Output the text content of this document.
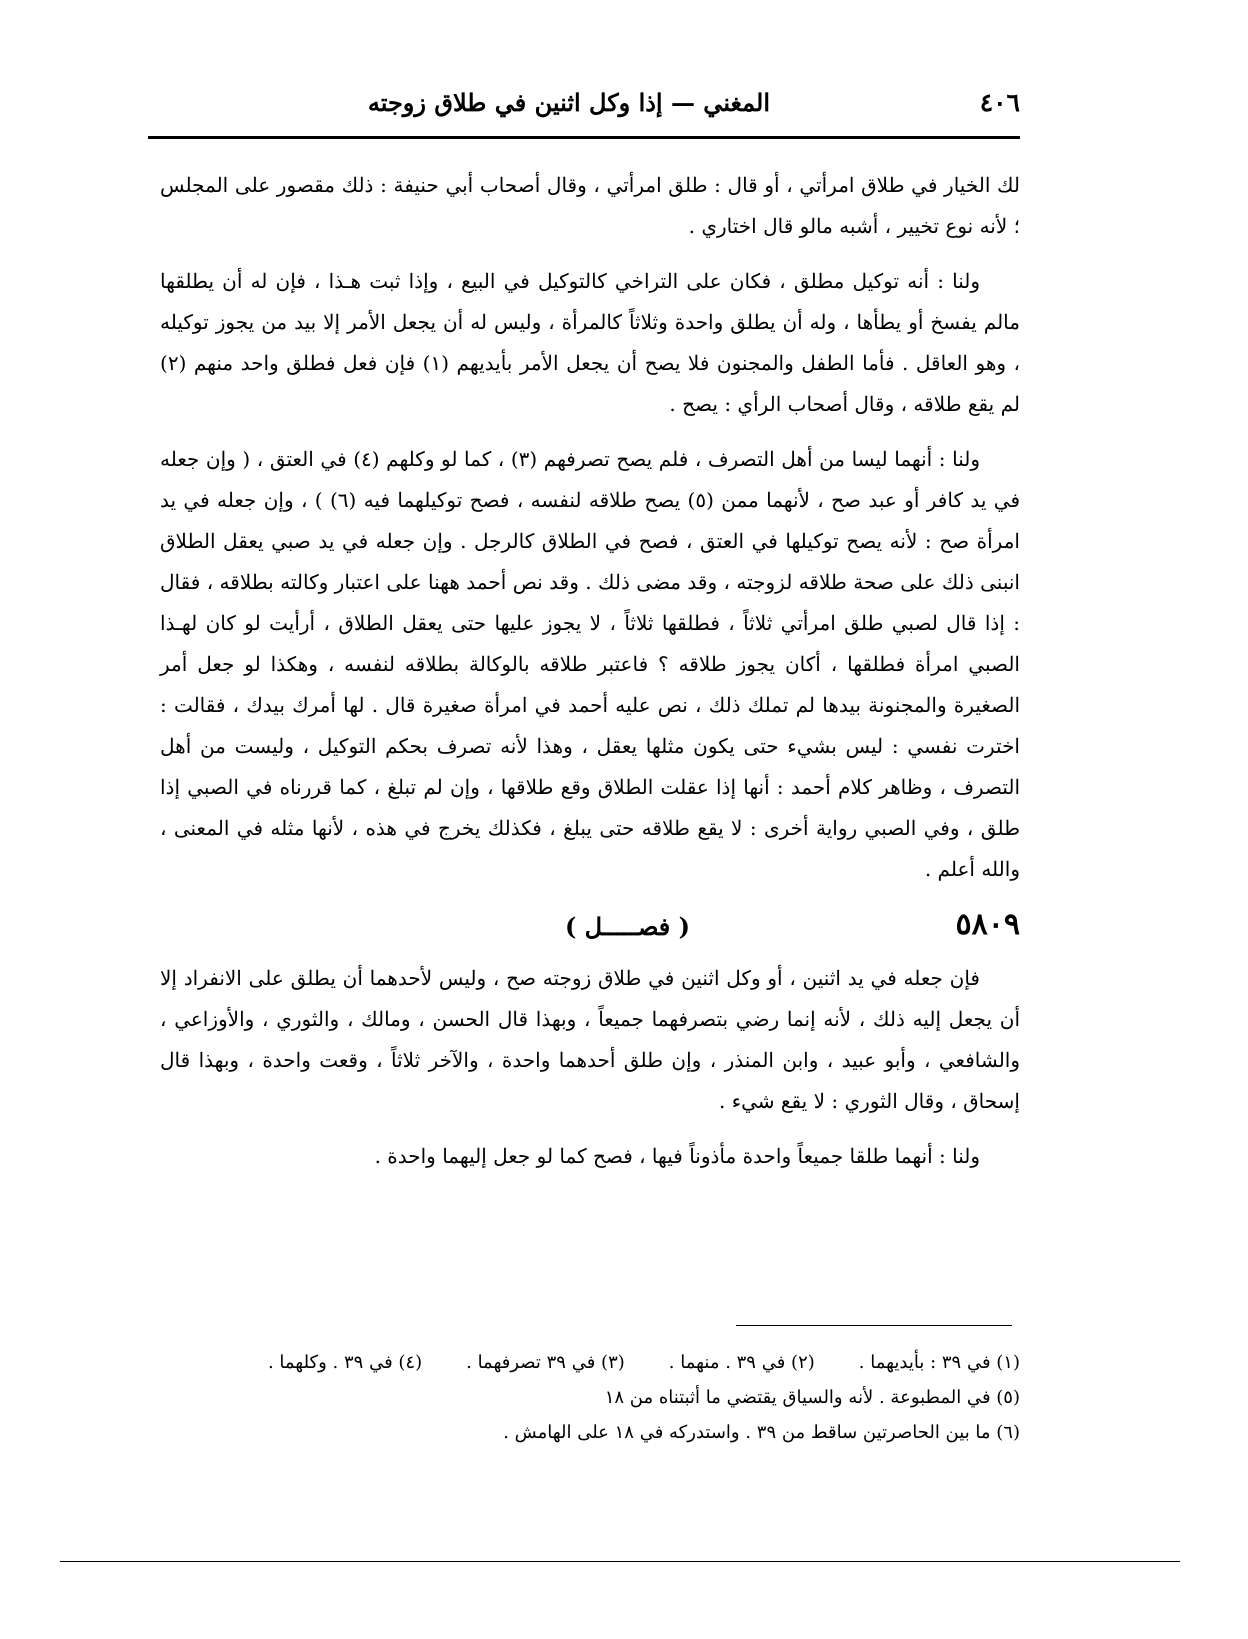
٤٠٦
المغني — إذا وكل اثنين في طلاق زوجته

لك الخيار في طلاق امرأتي ، أو قال : طلق امرأتي ، وقال أصحاب أبي حنيفة : ذلك مقصور على المجلس ؛ لأنه نوع تخيير ، أشبه مالو قال اختاري .

ولنا : أنه توكيل مطلق ، فكان على التراخي كالتوكيل في البيع ، وإذا ثبت هـذا ، فإن له أن يطلقها مالم يفسخ أو يطأها ، وله أن يطلق واحدة وثلاثاً كالمرأة ، وليس له أن يجعل الأمر إلا بيد من يجوز توكيله ، وهو العاقل . فأما الطفل والمجنون فلا يصح أن يجعل الأمر بأيديهم (١) فإن فعل فطلق واحد منهم (٢) لم يقع طلاقه ، وقال أصحاب الرأي : يصح .

ولنا : أنهما ليسا من أهل التصرف ، فلم يصح تصرفهم (٣) ، كما لو وكلهم (٤) في العتق ، ( وإن جعله في يد كافر أو عبد صح ، لأنهما ممن (٥) يصح طلاقه لنفسه ، فصح توكيلهما فيه (٦) ) ، وإن جعله في يد امرأة صح : لأنه يصح توكيلها في العتق ، فصح في الطلاق كالرجل . وإن جعله في يد صبي يعقل الطلاق انبنى ذلك على صحة طلاقه لزوجته ، وقد مضى ذلك . وقد نص أحمد ههنا على اعتبار وكالته بطلاقه ، فقال : إذا قال لصبي طلق امرأتي ثلاثاً ، فطلقها ثلاثاً ، لا يجوز عليها حتى يعقل الطلاق ، أرأيت لو كان لهـذا الصبي امرأة فطلقها ، أكان يجوز طلاقه ؟ فاعتبر طلاقه بالوكالة بطلاقه لنفسه ، وهكذا لو جعل أمر الصغيرة والمجنونة بيدها لم تملك ذلك ، نص عليه أحمد في امرأة صغيرة قال . لها أمرك بيدك ، فقالت : اخترت نفسي : ليس بشيء حتى يكون مثلها يعقل ، وهذا لأنه تصرف بحكم التوكيل ، وليست من أهل التصرف ، وظاهر كلام أحمد : أنها إذا عقلت الطلاق وقع طلاقها ، وإن لم تبلغ ، كما قررناه في الصبي إذا طلق ، وفي الصبي رواية أخرى : لا يقع طلاقه حتى يبلغ ، فكذلك يخرج في هذه ، لأنها مثله في المعنى ، والله أعلم .

٥٨٠٩
( فصـــــل )

فإن جعله في يد اثنين ، أو وكل اثنين في طلاق زوجته صح ، وليس لأحدهما أن يطلق على الانفراد إلا أن يجعل إليه ذلك ، لأنه إنما رضي بتصرفهما جميعاً ، وبهذا قال الحسن ، ومالك ، والثوري ، والأوزاعي ، والشافعي ، وأبو عبيد ، وابن المنذر ، وإن طلق أحدهما واحدة ، والآخر ثلاثاً ، وقعت واحدة ، وبهذا قال إسحاق ، وقال الثوري : لا يقع شيء .

ولنا : أنهما طلقا جميعاً واحدة مأذوناً فيها ، فصح كما لو جعل إليهما واحدة .

(١) في ٣٩ : بأيديهما .
(٢) في ٣٩ . منهما .
(٣) في ٣٩ تصرفهما .
(٤) في ٣٩ . وكلهما .
(٥) في المطبوعة . لأنه والسياق يقتضي ما أثبتناه من ١٨
(٦) ما بين الحاصرتين ساقط من ٣٩ . واستدركه في ١٨ على الهامش .
